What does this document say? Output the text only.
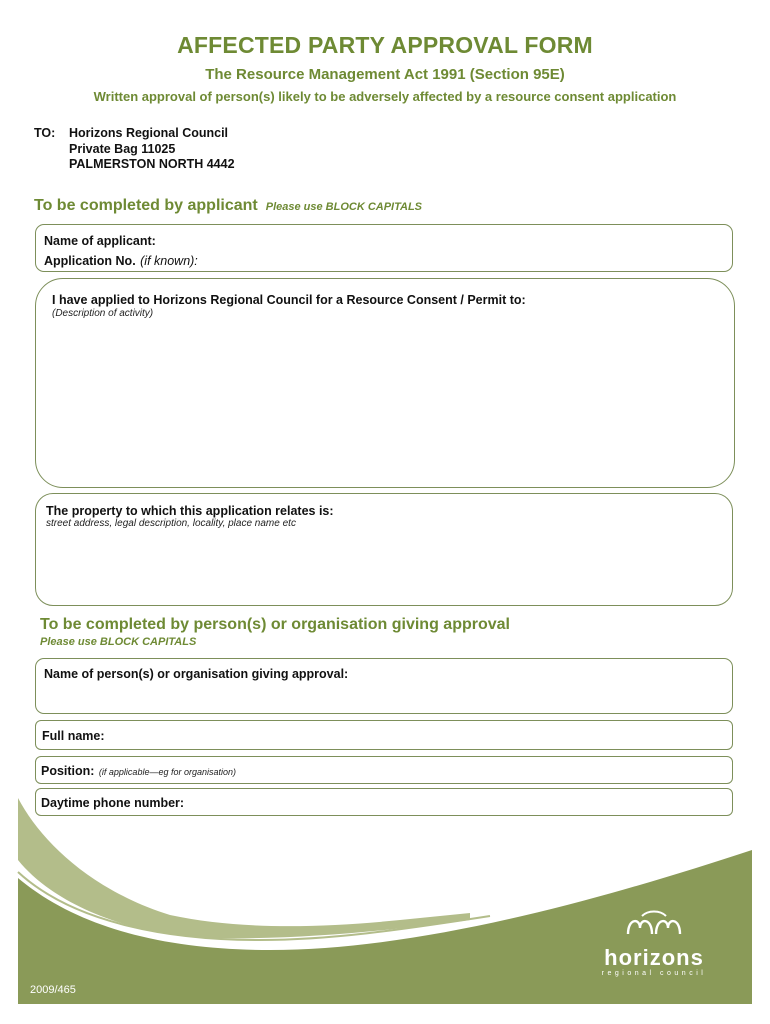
AFFECTED PARTY APPROVAL FORM
The Resource Management Act 1991 (Section 95E)
Written approval of person(s) likely to be adversely affected by a resource consent application
TO: Horizons Regional Council
Private Bag 11025
PALMERSTON NORTH 4442
To be completed by applicant Please use BLOCK CAPITALS
Name of applicant:
Application No. (if known):
I have applied to Horizons Regional Council for a Resource Consent / Permit to:
(Description of activity)
The property to which this application relates is:
street address, legal description, locality, place name etc
To be completed by person(s) or organisation giving approval
Please use BLOCK CAPITALS
Name of person(s) or organisation giving approval:
Full name:
Position: (if applicable—eg for organisation)
Daytime phone number:
horizons
regional council
2009/465
